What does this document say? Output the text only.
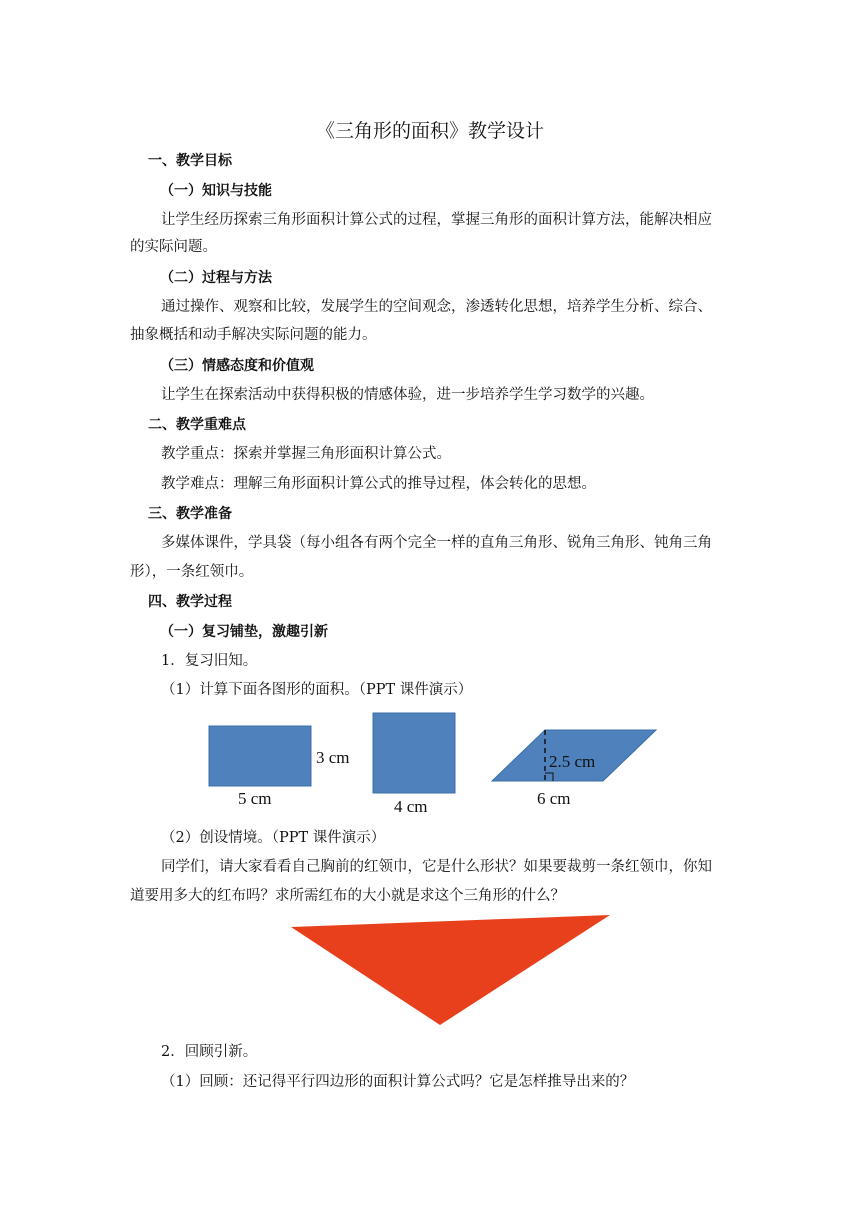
《三角形的面积》教学设计
一、教学目标
（一）知识与技能
让学生经历探索三角形面积计算公式的过程，掌握三角形的面积计算方法，能解决相应
的实际问题。
（二）过程与方法
通过操作、观察和比较，发展学生的空间观念，渗透转化思想，培养学生分析、综合、
抽象概括和动手解决实际问题的能力。
（三）情感态度和价值观
让学生在探索活动中获得积极的情感体验，进一步培养学生学习数学的兴趣。
二、教学重难点
教学重点：探索并掌握三角形面积计算公式。
教学难点：理解三角形面积计算公式的推导过程，体会转化的思想。
三、教学准备
多媒体课件，学具袋（每小组各有两个完全一样的直角三角形、锐角三角形、钝角三角
形），一条红领巾。
四、教学过程
（一）复习铺垫，激趣引新
1．复习旧知。
（1）计算下面各图形的面积。（PPT 课件演示）
3 cm
5 cm	4 cm
2.5 cm
6 cm
（2）创设情境。（PPT 课件演示）
同学们，请大家看看自己胸前的红领巾，它是什么形状？如果要裁剪一条红领巾，你知
道要用多大的红布吗？求所需红布的大小就是求这个三角形的什么？
2．回顾引新。
（1）回顾：还记得平行四边形的面积计算公式吗？它是怎样推导出来的？
